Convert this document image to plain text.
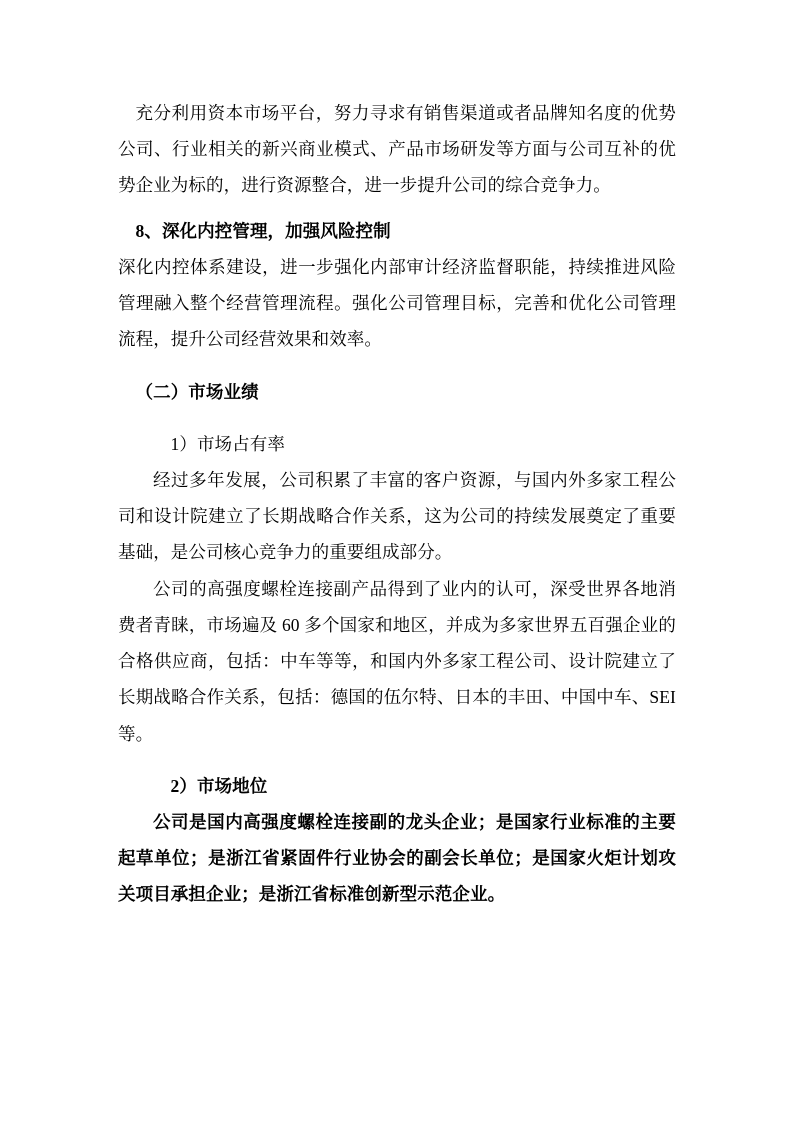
充分利用资本市场平台，努力寻求有销售渠道或者品牌知名度的优势公司、行业相关的新兴商业模式、产品市场研发等方面与公司互补的优势企业为标的，进行资源整合，进一步提升公司的综合竞争力。

8、深化内控管理，加强风险控制

深化内控体系建设，进一步强化内部审计经济监督职能，持续推进风险管理融入整个经营管理流程。强化公司管理目标，完善和优化公司管理流程，提升公司经营效果和效率。

（二）市场业绩

1）市场占有率

经过多年发展，公司积累了丰富的客户资源，与国内外多家工程公司和设计院建立了长期战略合作关系，这为公司的持续发展奠定了重要基础，是公司核心竞争力的重要组成部分。

公司的高强度螺栓连接副产品得到了业内的认可，深受世界各地消费者青睐，市场遍及 60 多个国家和地区，并成为多家世界五百强企业的合格供应商，包括：中车等等，和国内外多家工程公司、设计院建立了长期战略合作关系，包括：德国的伍尔特、日本的丰田、中国中车、SEI 等。

2）市场地位

公司是国内高强度螺栓连接副的龙头企业；是国家行业标准的主要起草单位；是浙江省紧固件行业协会的副会长单位；是国家火炬计划攻关项目承担企业；是浙江省标准创新型示范企业。
